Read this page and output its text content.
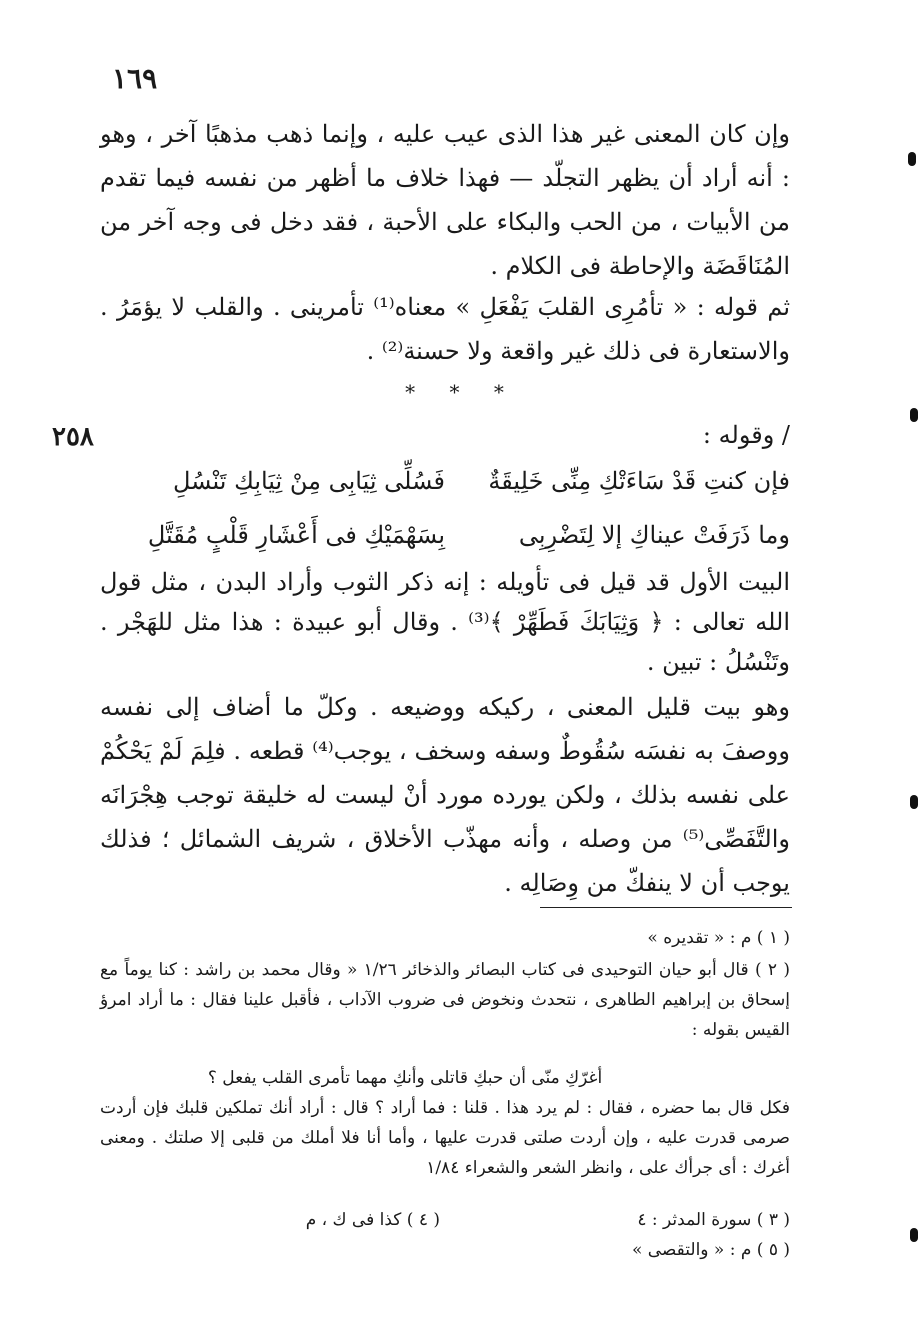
١٦٩
٢٥٨
وإن كان المعنى غير هذا الذى عيب عليه ، وإنما ذهب مذهبًا آخر ، وهو : أنه أراد أن يظهر التجلّد — فهذا خلاف ما أظهر من نفسه فيما تقدم من الأبيات ، من الحب والبكاء على الأحبة ، فقد دخل فى وجه آخر من المُنَاقَضَة والإحاطة فى الكلام .
ثم قوله : « تأمُرِى القلبَ يَفْعَلِ » معناه⁽¹⁾ تأمرينى . والقلب لا يؤمَرُ . والاستعارة فى ذلك غير واقعة ولا حسنة⁽²⁾ .
* * *
/ وقوله :
فإن كنتِ قَدْ سَاءَتْكِ مِنِّى خَلِيقَةٌ
فَسُلِّى ثِيَابِى مِنْ ثِيَابِكِ تَنْسُلِ
وما ذَرَفَتْ عيناكِ إلا لِتَضْرِبِى
بِسَهْمَيْكِ فى أَعْشَارِ قَلْبٍ مُقَتَّلِ
البيت الأول قد قيل فى تأويله : إنه ذكر الثوب وأراد البدن ، مثل قول الله تعالى : ﴿ وَثِيَابَكَ فَطَهِّرْ ﴾⁽³⁾ . وقال أبو عبيدة : هذا مثل للهَجْر . وتَنْسُلُ : تبين .
وهو بيت قليل المعنى ، ركيكه ووضيعه . وكلّ ما أضاف إلى نفسه ووصفَ به نفسَه سُقُوطٌ وسفه وسخف ، يوجب⁽⁴⁾ قطعه . فلِمَ لَمْ يَحْكُمْ على نفسه بذلك ، ولكن يورده مورد أنْ ليست له خليقة توجب هِجْرَانَه والتَّفَصِّى⁽⁵⁾ من وصله ، وأنه مهذّب الأخلاق ، شريف الشمائل ؛ فذلك يوجب أن لا ينفكّ من وِصَالِه .
( ١ ) م : « تقديره »
( ٢ ) قال أبو حيان التوحيدى فى كتاب البصائر والذخائر ١/٢٦ « وقال محمد بن راشد : كنا يوماً مع إسحاق بن إبراهيم الطاهرى ، نتحدث ونخوض فى ضروب الآداب ، فأقبل علينا فقال : ما أراد امرؤ القيس بقوله :
أغرّكِ منّى أن حبكِ قاتلى وأنكِ مهما تأمرى القلب يفعل ؟
فكل قال بما حضره ، فقال : لم يرد هذا . قلنا : فما أراد ؟ قال : أراد أنك تملكين قلبك فإن أردت صرمى قدرت عليه ، وإن أردت صلتى قدرت عليها ، وأما أنا فلا أملك من قلبى إلا صلتك . ومعنى أغرك : أى جرأك على ، وانظر الشعر والشعراء ١/٨٤
( ٣ ) سورة المدثر : ٤
( ٤ ) كذا فى ك ، م
( ٥ ) م : « والتقصى »
